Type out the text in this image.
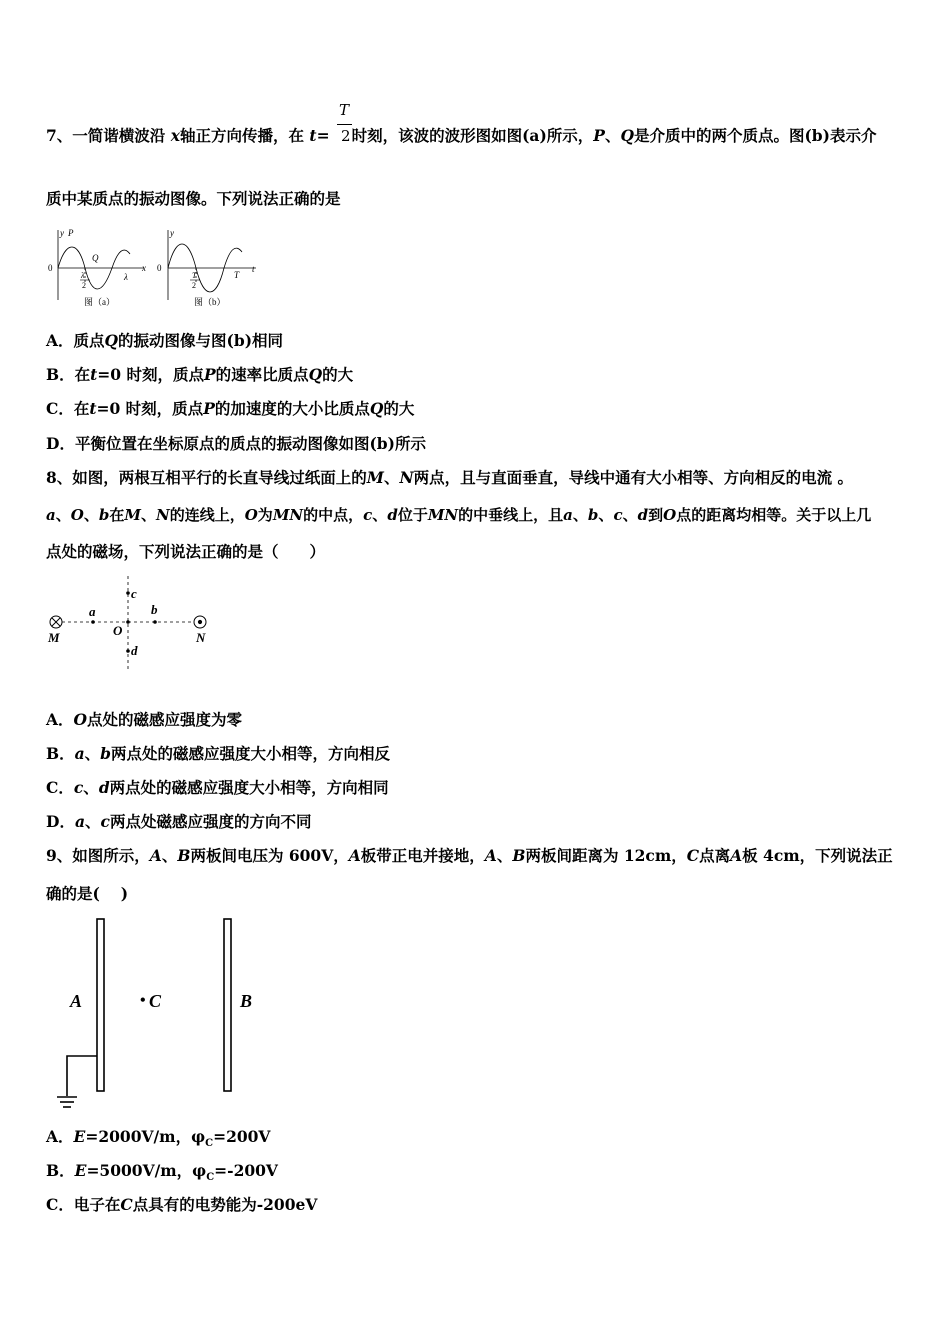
T
2
7、一简谐横波沿 x轴正方向传播，在 t= 时刻，该波的波形图如图(a)所示，P、Q是介质中的两个质点。图(b)表示介
质中某质点的振动图像。下列说法正确的是
y P
Q
0
λ
2
λ
x
图（a）
y
0
T
2
T
t
图（b）
A．质点Q的振动图像与图(b)相同
B．在t=0 时刻，质点P的速率比质点Q的大
C．在t=0 时刻，质点P的加速度的大小比质点Q的大
D．平衡位置在坐标原点的质点的振动图像如图(b)所示
8、如图，两根互相平行的长直导线过纸面上的M、N两点，且与直面垂直，导线中通有大小相等、方向相反的电流 。
a、O、b在M、N的连线上，O为MN的中点，c、d位于MN的中垂线上，且a、b、c、d到O点的距离均相等。关于以上几
点处的磁场，下列说法正确的是（　　）
M	N
a	b
c
d
O
A．O点处的磁感应强度为零
B．a、b两点处的磁感应强度大小相等，方向相反
C．c、d两点处的磁感应强度大小相等，方向相同
D．a、c两点处磁感应强度的方向不同
9、如图所示，A、B两板间电压为 600V，A板带正电并接地，A、B两板间距离为 12cm，C点离A板 4cm，下列说法正
确的是(　 )
A	B
• C
A．E=2000V/m，$\varphi_C=200V$
B．E=5000V/m，$\varphi_C=-200V$
C．电子在C点具有的电势能为-200eV
